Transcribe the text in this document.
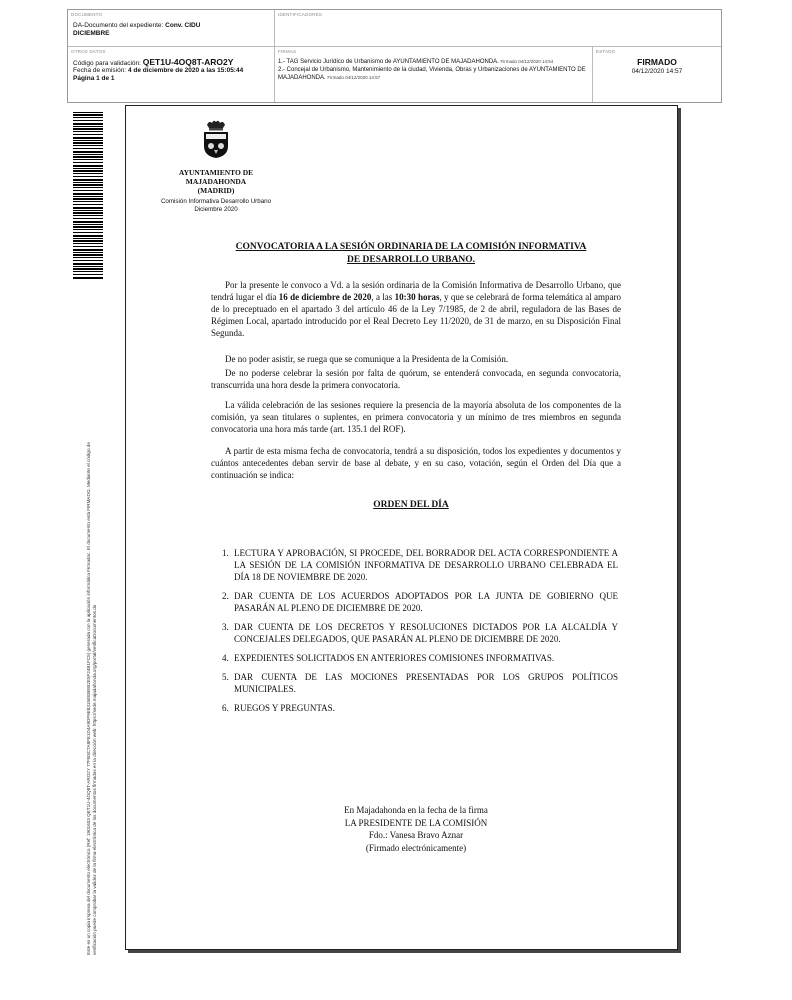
DOCUMENTO
DA-Documento del expediente: Conv. CIDU
DICIEMBRE
IDENTIFICADORES
OTROS DATOS
Código para validación: QET1U-4OQ8T-ARO2Y
Fecha de emisión: 4 de diciembre de 2020 a las 15:05:44
Página 1 de 1
FIRMAS
1.- TAG Servicio Jurídico de Urbanismo de AYUNTAMIENTO DE MAJADAHONDA. Firmado 04/12/2020 14:54
2.- Concejal de Urbanismo, Mantenimiento de la ciudad, Vivienda, Obras y Urbanizaciones de AYUNTAMIENTO DE MAJADAHONDA. Firmado 04/12/2020 14:57
ESTADO
FIRMADO
04/12/2020 14:57
Este es un copia impresa del documento electrónico (Ref: 1901633 QET1U-4OQ8T-ARO2Y 77FB3C7A8FE1D4A9DF9E8315EEBEB2E5F24B1FC5) generada con la aplicación informática Firmadoc. El documento está FIRMADO. Mediante el código de verificación puede comprobar la validez de la firma electrónica de los documentos firmados en la dirección web: https://sede.majadahonda.org/portal/verificaDocumentos.do
AYUNTAMIENTO DE
MAJADAHONDA
(MADRID)
Comisión Informativa Desarrollo Urbano
Diciembre 2020
CONVOCATORIA A LA SESIÓN ORDINARIA DE LA COMISIÓN INFORMATIVA
DE DESARROLLO URBANO.
Por la presente le convoco a Vd. a la sesión ordinaria de la Comisión Informativa de Desarrollo Urbano, que tendrá lugar el día 16 de diciembre de 2020, a las 10:30 horas, y que se celebrará de forma telemática al amparo de lo preceptuado en el apartado 3 del artículo 46 de la Ley 7/1985, de 2 de abril, reguladora de las Bases de Régimen Local, apartado introducido por el Real Decreto Ley 11/2020, de 31 de marzo, en su Disposición Final Segunda.
De no poder asistir, se ruega que se comunique a la Presidenta de la Comisión.
De no poderse celebrar la sesión por falta de quórum, se entenderá convocada, en segunda convocatoria, transcurrida una hora desde la primera convocatoria.
La válida celebración de las sesiones requiere la presencia de la mayoría absoluta de los componentes de la comisión, ya sean titulares o suplentes, en primera convocatoria y un mínimo de tres miembros en segunda convocatoria una hora más tarde (art. 135.1 del ROF).
A partir de esta misma fecha de convocatoria, tendrá a su disposición, todos los expedientes y documentos y cuántos antecedentes deban servir de base al debate, y en su caso, votación, según el Orden del Día que a continuación se indica:
ORDEN DEL DÍA
1. LECTURA Y APROBACIÓN, SI PROCEDE, DEL BORRADOR DEL ACTA CORRESPONDIENTE A LA SESIÓN DE LA COMISIÓN INFORMATIVA DE DESARROLLO URBANO CELEBRADA EL DÍA 18 DE NOVIEMBRE DE 2020.
2. DAR CUENTA DE LOS ACUERDOS ADOPTADOS POR LA JUNTA DE GOBIERNO QUE PASARÁN AL PLENO DE DICIEMBRE DE 2020.
3. DAR CUENTA DE LOS DECRETOS Y RESOLUCIONES DICTADOS POR LA ALCALDÍA Y CONCEJALES DELEGADOS, QUE PASARÁN AL PLENO DE DICIEMBRE DE 2020.
4. EXPEDIENTES SOLICITADOS EN ANTERIORES COMISIONES INFORMATIVAS.
5. DAR CUENTA DE LAS MOCIONES PRESENTADAS POR LOS GRUPOS POLÍTICOS MUNICIPALES.
6. RUEGOS Y PREGUNTAS.
En Majadahonda en la fecha de la firma
LA PRESIDENTE DE LA COMISIÓN
Fdo.: Vanesa Bravo Aznar
(Firmado electrónicamente)
